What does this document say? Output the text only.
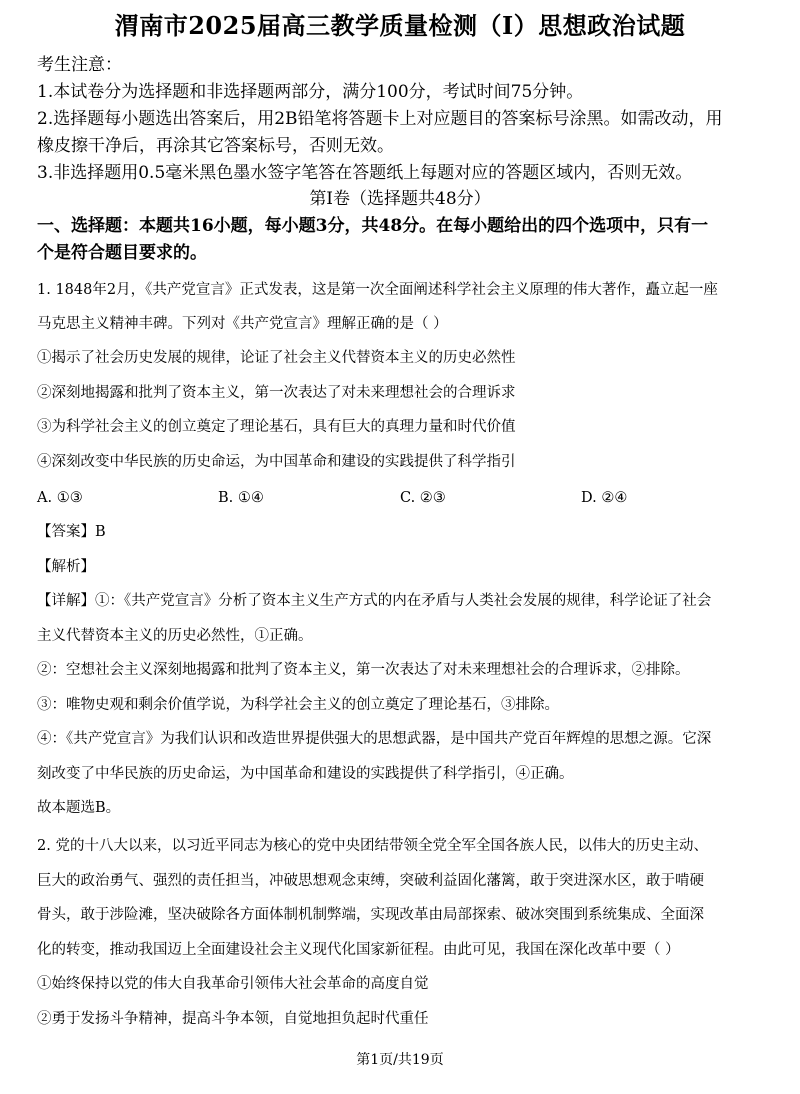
渭南市2025届高三教学质量检测（I）思想政治试题
考生注意：
1.本试卷分为选择题和非选择题两部分，满分100分，考试时间75分钟。
2.选择题每小题选出答案后，用2B铅笔将答题卡上对应题目的答案标号涂黑。如需改动，用
橡皮擦干净后，再涂其它答案标号，否则无效。
3.非选择题用0.5毫米黑色墨水签字笔答在答题纸上每题对应的答题区域内，否则无效。
第Ⅰ卷（选择题共48分）
一、选择题：本题共16小题，每小题3分，共48分。在每小题给出的四个选项中，只有一
个是符合题目要求的。
1. 1848年2月，《共产党宣言》正式发表，这是第一次全面阐述科学社会主义原理的伟大著作，矗立起一座
马克思主义精神丰碑。下列对《共产党宣言》理解正确的是（ ）
①揭示了社会历史发展的规律，论证了社会主义代替资本主义的历史必然性
②深刻地揭露和批判了资本主义，第一次表达了对未来理想社会的合理诉求
③为科学社会主义的创立奠定了理论基石，具有巨大的真理力量和时代价值
④深刻改变中华民族的历史命运，为中国革命和建设的实践提供了科学指引
A. ①③	B. ①④	C. ②③	D. ②④
【答案】B
【解析】
【详解】①：《共产党宣言》分析了资本主义生产方式的内在矛盾与人类社会发展的规律，科学论证了社会
主义代替资本主义的历史必然性，①正确。
②：空想社会主义深刻地揭露和批判了资本主义，第一次表达了对未来理想社会的合理诉求，②排除。
③：唯物史观和剩余价值学说，为科学社会主义的创立奠定了理论基石，③排除。
④：《共产党宣言》为我们认识和改造世界提供强大的思想武器，是中国共产党百年辉煌的思想之源。它深
刻改变了中华民族的历史命运，为中国革命和建设的实践提供了科学指引，④正确。
故本题选B。
2. 党的十八大以来，以习近平同志为核心的党中央团结带领全党全军全国各族人民，以伟大的历史主动、
巨大的政治勇气、强烈的责任担当，冲破思想观念束缚，突破利益固化藩篱，敢于突进深水区，敢于啃硬
骨头，敢于涉险滩，坚决破除各方面体制机制弊端，实现改革由局部探索、破冰突围到系统集成、全面深
化的转变，推动我国迈上全面建设社会主义现代化国家新征程。由此可见，我国在深化改革中要（ ）
①始终保持以党的伟大自我革命引领伟大社会革命的高度自觉
②勇于发扬斗争精神，提高斗争本领，自觉地担负起时代重任
第1页/共19页
